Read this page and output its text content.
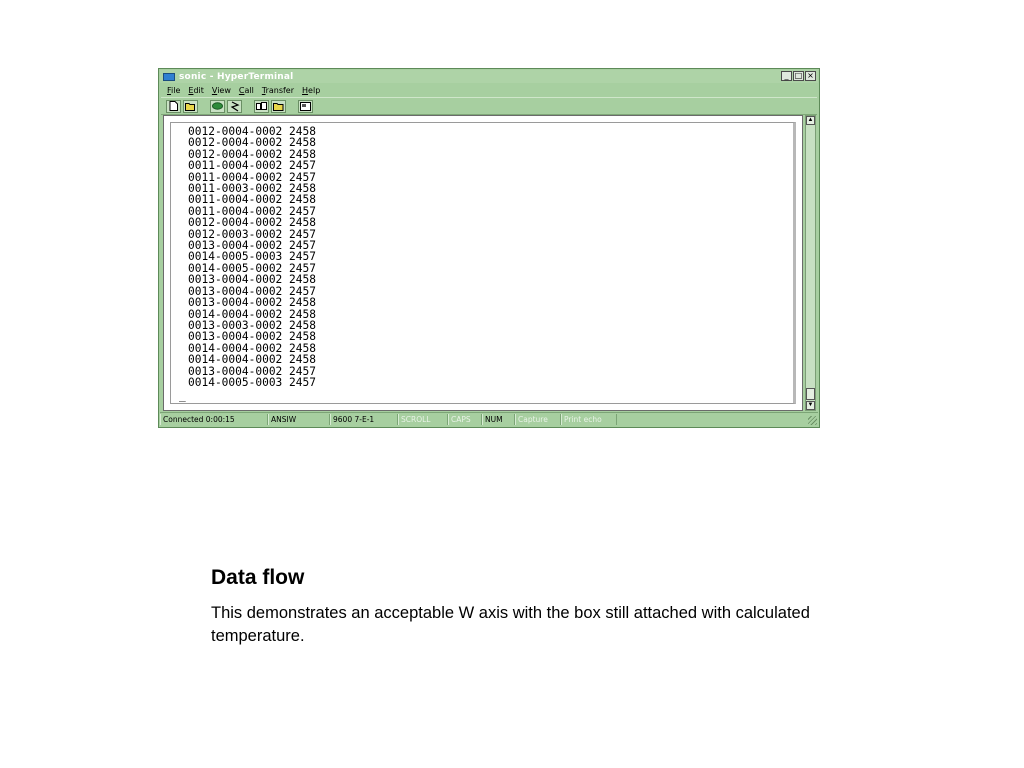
sonic - HyperTerminal	_ □ ×
File Edit View Call Transfer Help
0012-0004-0002 2458
0012-0004-0002 2458
0012-0004-0002 2458
0011-0004-0002 2457
0011-0004-0002 2457
0011-0003-0002 2458
0011-0004-0002 2458
0011-0004-0002 2457
0012-0004-0002 2458
0012-0003-0002 2457
0013-0004-0002 2457
0014-0005-0003 2457
0014-0005-0002 2457
0013-0004-0002 2458
0013-0004-0002 2457
0013-0004-0002 2458
0014-0004-0002 2458
0013-0003-0002 2458
0013-0004-0002 2458
0014-0004-0002 2458
0014-0004-0002 2458
0013-0004-0002 2457
0014-0005-0003 2457
_
▲
▼
Connected 0:00:15	ANSIW	9600 7-E-1	SCROLL	CAPS	NUM	Capture	Print echo
Data flow

This demonstrates an acceptable W axis with the box still attached with calculated temperature.
